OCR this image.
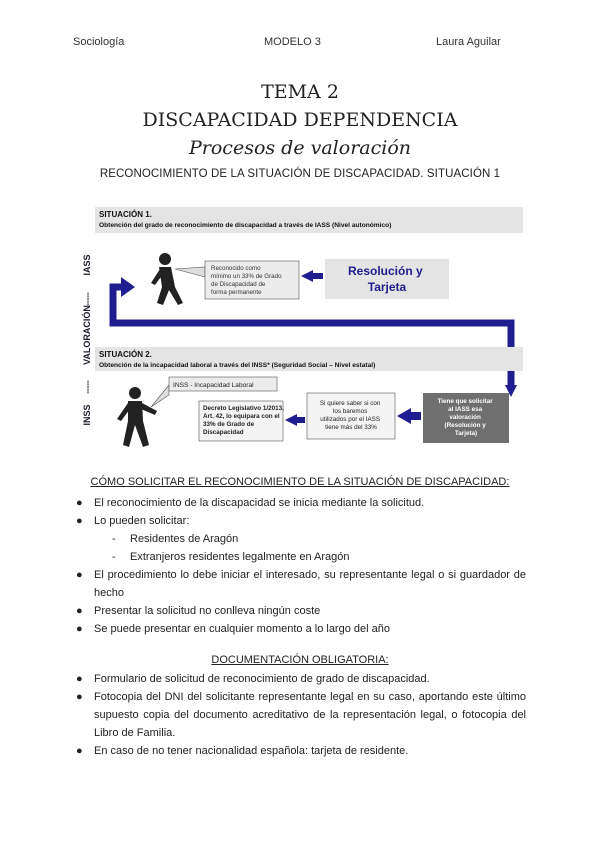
Sociología	MODELO 3	Laura Aguilar
TEMA 2
DISCAPACIDAD DEPENDENCIA
Procesos de valoración
RECONOCIMIENTO DE LA SITUACIÓN DE DISCAPACIDAD. SITUACIÓN 1
SITUACIÓN 1.
Obtención del grado de reconocimiento de discapacidad a través de IASS (Nivel autonómico)
IASS
-----
VALORACIÓN
-----
INSS
Reconocido como mínimo un 33% de Grado de Discapacidad de forma permanente
Resolución y Tarjeta
SITUACIÓN 2.
Obtención de la incapacidad laboral a través del INSS* (Seguridad Social – Nivel estatal)
INSS - Incapacidad Laboral
Decreto Legislativo 1/2013, Art. 42, lo equipara con el 33% de Grado de Discapacidad
Si quiere saber si con los baremos utilizados por el IASS tiene más del 33%
Tiene que solicitar al IASS esa valoración (Resolución y Tarjeta)
CÓMO SOLICITAR EL RECONOCIMIENTO DE LA SITUACIÓN DE DISCAPACIDAD:
● El reconocimiento de la discapacidad se inicia mediante la solicitud.
● Lo pueden solicitar:
- Residentes de Aragón
- Extranjeros residentes legalmente en Aragón
● El procedimiento lo debe iniciar el interesado, su representante legal o si guardador de hecho
● Presentar la solicitud no conlleva ningún coste
● Se puede presentar en cualquier momento a lo largo del año
DOCUMENTACIÓN OBLIGATORIA:
● Formulario de solicitud de reconocimiento de grado de discapacidad.
● Fotocopia del DNI del solicitante representante legal en su caso, aportando este último supuesto copia del documento acreditativo de la representación legal, o fotocopia del Libro de Familia.
● En caso de no tener nacionalidad española: tarjeta de residente.
